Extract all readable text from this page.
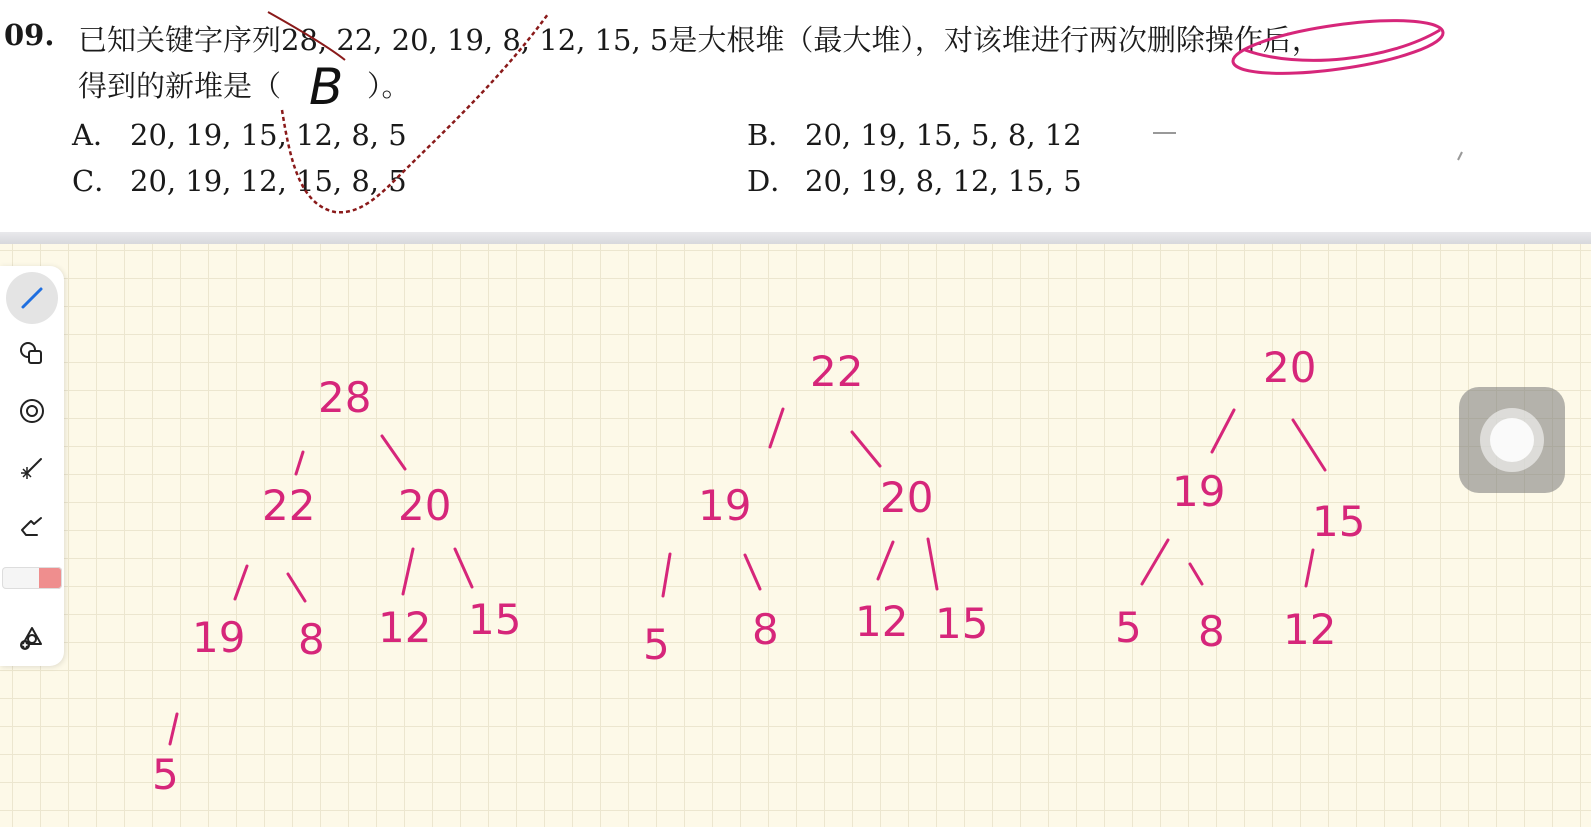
09. 已知关键字序列28, 22, 20, 19, 8, 12, 15, 5是大根堆（最大堆），对该堆进行两次删除操作后，
得到的新堆是（	）。
A． 20, 19, 15, 12, 8, 5	B． 20, 19, 15, 5, 8, 12
C． 20, 19, 12, 15, 8, 5	D． 20, 19, 8, 12, 15, 5
B
28
22 20
19 8 12 15
5
22
19	20
5 8 12 15
20
19
15
5 8 12
